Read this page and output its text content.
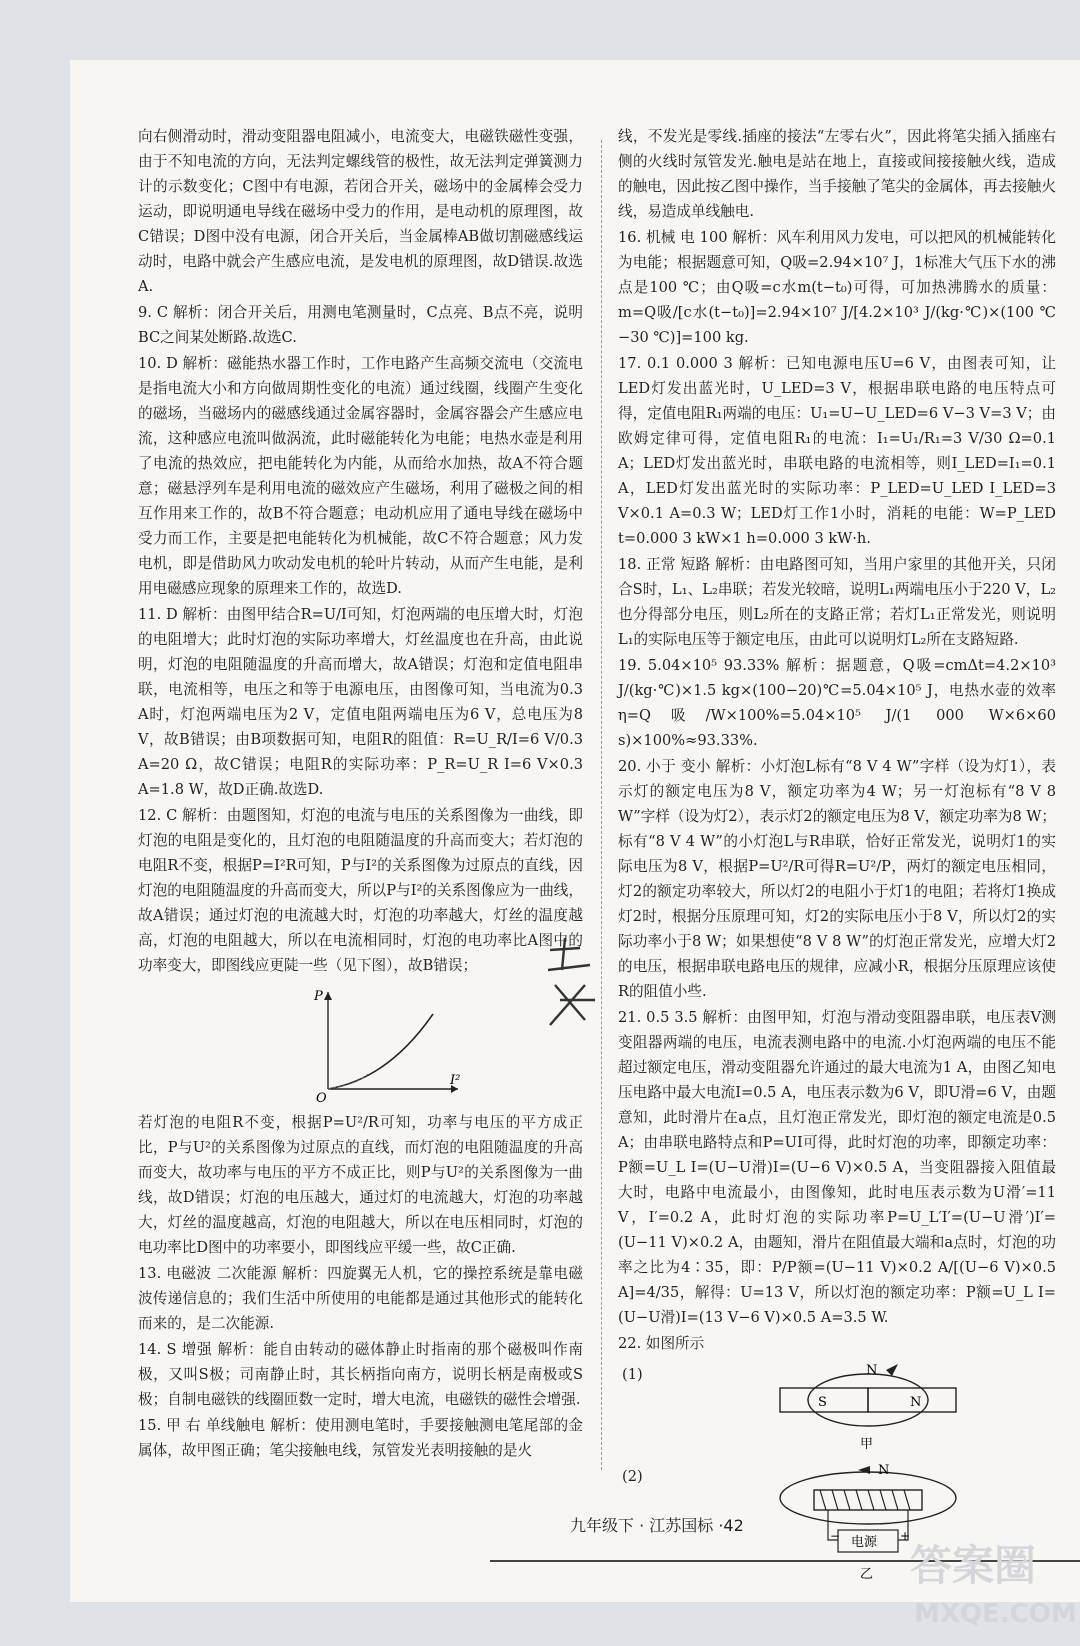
向右侧滑动时，滑动变阻器电阻减小，电流变大，电磁铁磁性变强，由于不知电流的方向，无法判定螺线管的极性，故无法判定弹簧测力计的示数变化；C图中有电源，若闭合开关，磁场中的金属棒会受力运动，即说明通电导线在磁场中受力的作用，是电动机的原理图，故C错误；D图中没有电源，闭合开关后，当金属棒AB做切割磁感线运动时，电路中就会产生感应电流，是发电机的原理图，故D错误.故选A.
9. C 解析：闭合开关后，用测电笔测量时，C点亮、B点不亮，说明BC之间某处断路.故选C.
10. D 解析：磁能热水器工作时，工作电路产生高频交流电（交流电是指电流大小和方向做周期性变化的电流）通过线圈，线圈产生变化的磁场，当磁场内的磁感线通过金属容器时，金属容器会产生感应电流，这种感应电流叫做涡流，此时磁能转化为电能；电热水壶是利用了电流的热效应，把电能转化为内能，从而给水加热，故A不符合题意；磁悬浮列车是利用电流的磁效应产生磁场，利用了磁极之间的相互作用来工作的，故B不符合题意；电动机应用了通电导线在磁场中受力而工作，主要是把电能转化为机械能，故C不符合题意；风力发电机，即是借助风力吹动发电机的轮叶片转动，从而产生电能，是利用电磁感应现象的原理来工作的，故选D.
11. D 解析：由图甲结合R=U/I可知，灯泡两端的电压增大时，灯泡的电阻增大；此时灯泡的实际功率增大，灯丝温度也在升高，由此说明，灯泡的电阻随温度的升高而增大，故A错误；灯泡和定值电阻串联，电流相等，电压之和等于电源电压，由图像可知，当电流为0.3 A时，灯泡两端电压为2 V，定值电阻两端电压为6 V，总电压为8 V，故B错误；由B项数据可知，电阻R的阻值：R=U_R/I=6 V/0.3 A=20 Ω，故C错误；电阻R的实际功率：P_R=U_R I=6 V×0.3 A=1.8 W，故D正确.故选D.
12. C 解析：由题图知，灯泡的电流与电压的关系图像为一曲线，即灯泡的电阻是变化的，且灯泡的电阻随温度的升高而变大；若灯泡的电阻R不变，根据P=I²R可知，P与I²的关系图像为过原点的直线，因灯泡的电阻随温度的升高而变大，所以P与I²的关系图像应为一曲线，故A错误；通过灯泡的电流越大时，灯泡的功率越大，灯丝的温度越高，灯泡的电阻越大，所以在电流相同时，灯泡的电功率比A图中的功率变大，即图线应更陡一些（见下图），故B错误；
P
I²
O
若灯泡的电阻R不变，根据P=U²/R可知，功率与电压的平方成正比，P与U²的关系图像为过原点的直线，而灯泡的电阻随温度的升高而变大，故功率与电压的平方不成正比，则P与U²的关系图像为一曲线，故D错误；灯泡的电压越大，通过灯的电流越大，灯泡的功率越大，灯丝的温度越高，灯泡的电阻越大，所以在电压相同时，灯泡的电功率比D图中的功率要小，即图线应平缓一些，故C正确.
13. 电磁波 二次能源 解析：四旋翼无人机，它的操控系统是靠电磁波传递信息的；我们生活中所使用的电能都是通过其他形式的能转化而来的，是二次能源.
14. S 增强 解析：能自由转动的磁体静止时指南的那个磁极叫作南极，又叫S极；司南静止时，其长柄指向南方，说明长柄是南极或S极；自制电磁铁的线圈匝数一定时，增大电流，电磁铁的磁性会增强.
15. 甲 右 单线触电 解析：使用测电笔时，手要接触测电笔尾部的金属体，故甲图正确；笔尖接触电线，氖管发光表明接触的是火
线，不发光是零线.插座的接法“左零右火”，因此将笔尖插入插座右侧的火线时氖管发光.触电是站在地上，直接或间接接触火线，造成的触电，因此按乙图中操作，当手接触了笔尖的金属体，再去接触火线，易造成单线触电.
16. 机械 电 100 解析：风车利用风力发电，可以把风的机械能转化为电能；根据题意可知，Q吸=2.94×10⁷ J，1标准大气压下水的沸点是100 ℃；由Q吸=c水m(t−t₀)可得，可加热沸腾水的质量：m=Q吸/[c水(t−t₀)]=2.94×10⁷ J/[4.2×10³ J/(kg·℃)×(100 ℃−30 ℃)]=100 kg.
17. 0.1 0.000 3 解析：已知电源电压U=6 V，由图表可知，让LED灯发出蓝光时，U_LED=3 V，根据串联电路的电压特点可得，定值电阻R₁两端的电压：U₁=U−U_LED=6 V−3 V=3 V；由欧姆定律可得，定值电阻R₁的电流：I₁=U₁/R₁=3 V/30 Ω=0.1 A；LED灯发出蓝光时，串联电路的电流相等，则I_LED=I₁=0.1 A，LED灯发出蓝光时的实际功率：P_LED=U_LED I_LED=3 V×0.1 A=0.3 W；LED灯工作1小时，消耗的电能：W=P_LED t=0.000 3 kW×1 h=0.000 3 kW·h.
18. 正常 短路 解析：由电路图可知，当用户家里的其他开关，只闭合S时，L₁、L₂串联；若发光较暗，说明L₁两端电压小于220 V，L₂也分得部分电压，则L₂所在的支路正常；若灯L₁正常发光，则说明L₁的实际电压等于额定电压，由此可以说明灯L₂所在支路短路.
19. 5.04×10⁵ 93.33% 解析：据题意，Q吸=cmΔt=4.2×10³ J/(kg·℃)×1.5 kg×(100−20)℃=5.04×10⁵ J，电热水壶的效率η=Q吸/W×100%=5.04×10⁵ J/(1 000 W×6×60 s)×100%≈93.33%.
20. 小于 变小 解析：小灯泡L标有“8 V 4 W”字样（设为灯1），表示灯的额定电压为8 V，额定功率为4 W；另一灯泡标有“8 V 8 W”字样（设为灯2），表示灯2的额定电压为8 V，额定功率为8 W；标有“8 V 4 W”的小灯泡L与R串联，恰好正常发光，说明灯1的实际电压为8 V，根据P=U²/R可得R=U²/P，两灯的额定电压相同，灯2的额定功率较大，所以灯2的电阻小于灯1的电阻；若将灯1换成灯2时，根据分压原理可知，灯2的实际电压小于8 V，所以灯2的实际功率小于8 W；如果想使“8 V 8 W”的灯泡正常发光，应增大灯2的电压，根据串联电路电压的规律，应减小R，根据分压原理应该使R的阻值小些.
21. 0.5 3.5 解析：由图甲知，灯泡与滑动变阻器串联，电压表V测变阻器两端的电压，电流表测电路中的电流.小灯泡两端的电压不能超过额定电压，滑动变阻器允许通过的最大电流为1 A，由图乙知电压电路中最大电流I=0.5 A，电压表示数为6 V，即U滑=6 V，由题意知，此时滑片在a点，且灯泡正常发光，即灯泡的额定电流是0.5 A；由串联电路特点和P=UI可得，此时灯泡的功率，即额定功率：P额=U_L I=(U−U滑)I=(U−6 V)×0.5 A，当变阻器接入阻值最大时，电路中电流最小，由图像知，此时电压表示数为U滑′=11 V，I′=0.2 A，此时灯泡的实际功率P=U_L′I′=(U−U滑′)I′=(U−11 V)×0.2 A，由题知，滑片在阻值最大端和a点时，灯泡的功率之比为4∶35，即：P/P额=(U−11 V)×0.2 A/[(U−6 V)×0.5 A]=4/35，解得：U=13 V，所以灯泡的额定功率：P额=U_L I=(U−U滑)I=(13 V−6 V)×0.5 A=3.5 W.
22. 如图所示
(1)	N
S	N
甲
(2)	N
电源
−	+
乙
九年级下 · 江苏国标 ·42
答案圈
MXQE.COM
